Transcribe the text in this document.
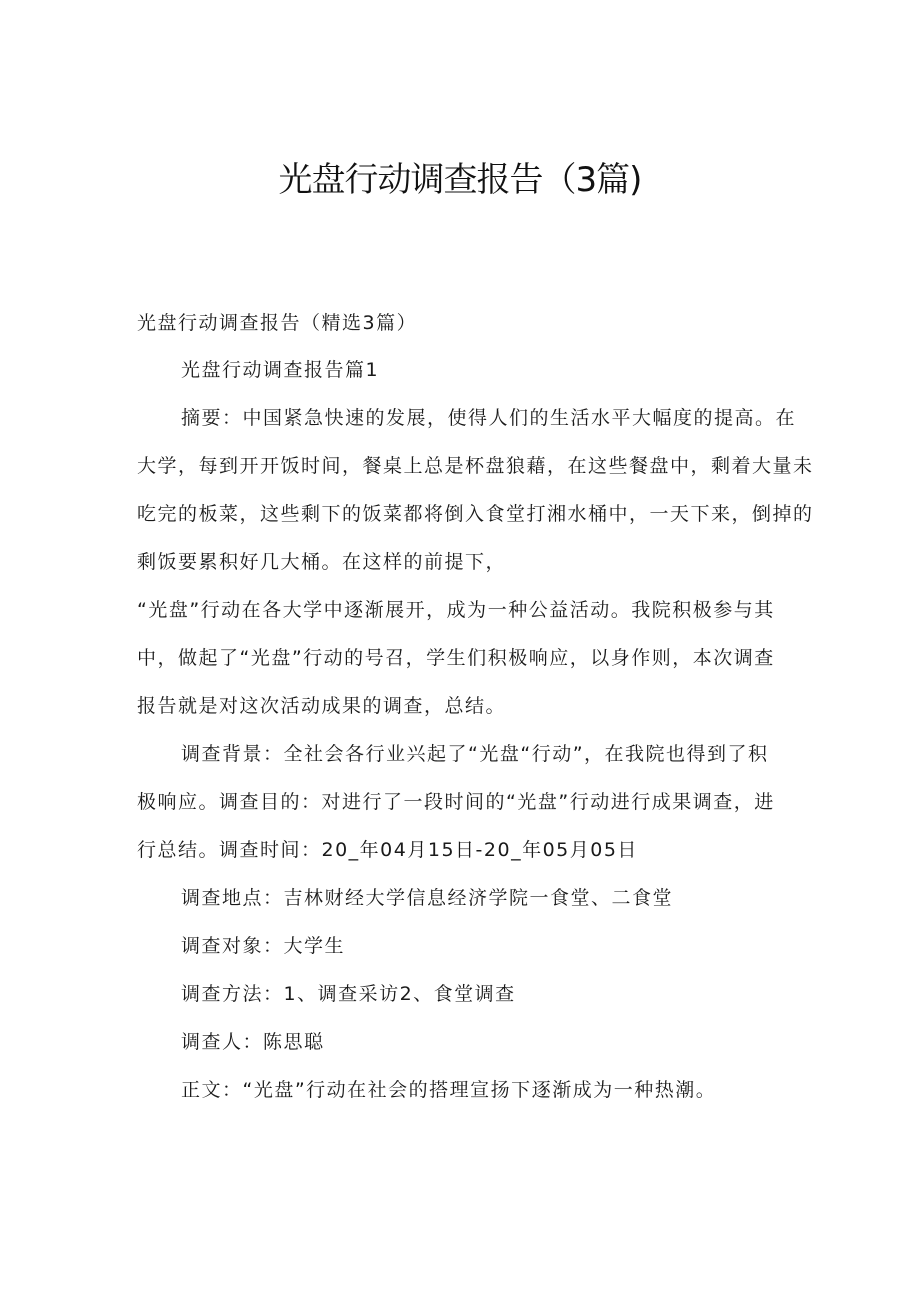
光盘行动调查报告（3篇)

光盘行动调查报告（精选3篇）

光盘行动调查报告篇1

摘要：中国紧急快速的发展，使得人们的生活水平大幅度的提高。在

大学，每到开开饭时间，餐桌上总是杯盘狼藉，在这些餐盘中，剩着大量未

吃完的板菜，这些剩下的饭菜都将倒入食堂打湘水桶中，一天下来，倒掉的

剩饭要累积好几大桶。在这样的前提下，

“光盘”行动在各大学中逐渐展开，成为一种公益活动。我院积极参与其

中，做起了“光盘”行动的号召，学生们积极响应，以身作则，本次调查

报告就是对这次活动成果的调查，总结。

调查背景：全社会各行业兴起了“光盘“行动”，在我院也得到了积

极响应。调查目的：对进行了一段时间的“光盘”行动进行成果调查，进

行总结。调查时间：20_年04月15日-20_年05月05日

调查地点：吉林财经大学信息经济学院一食堂、二食堂

调查对象：大学生

调查方法：1、调查采访2、食堂调查

调查人：陈思聪

正文：“光盘”行动在社会的搭理宣扬下逐渐成为一种热潮。
